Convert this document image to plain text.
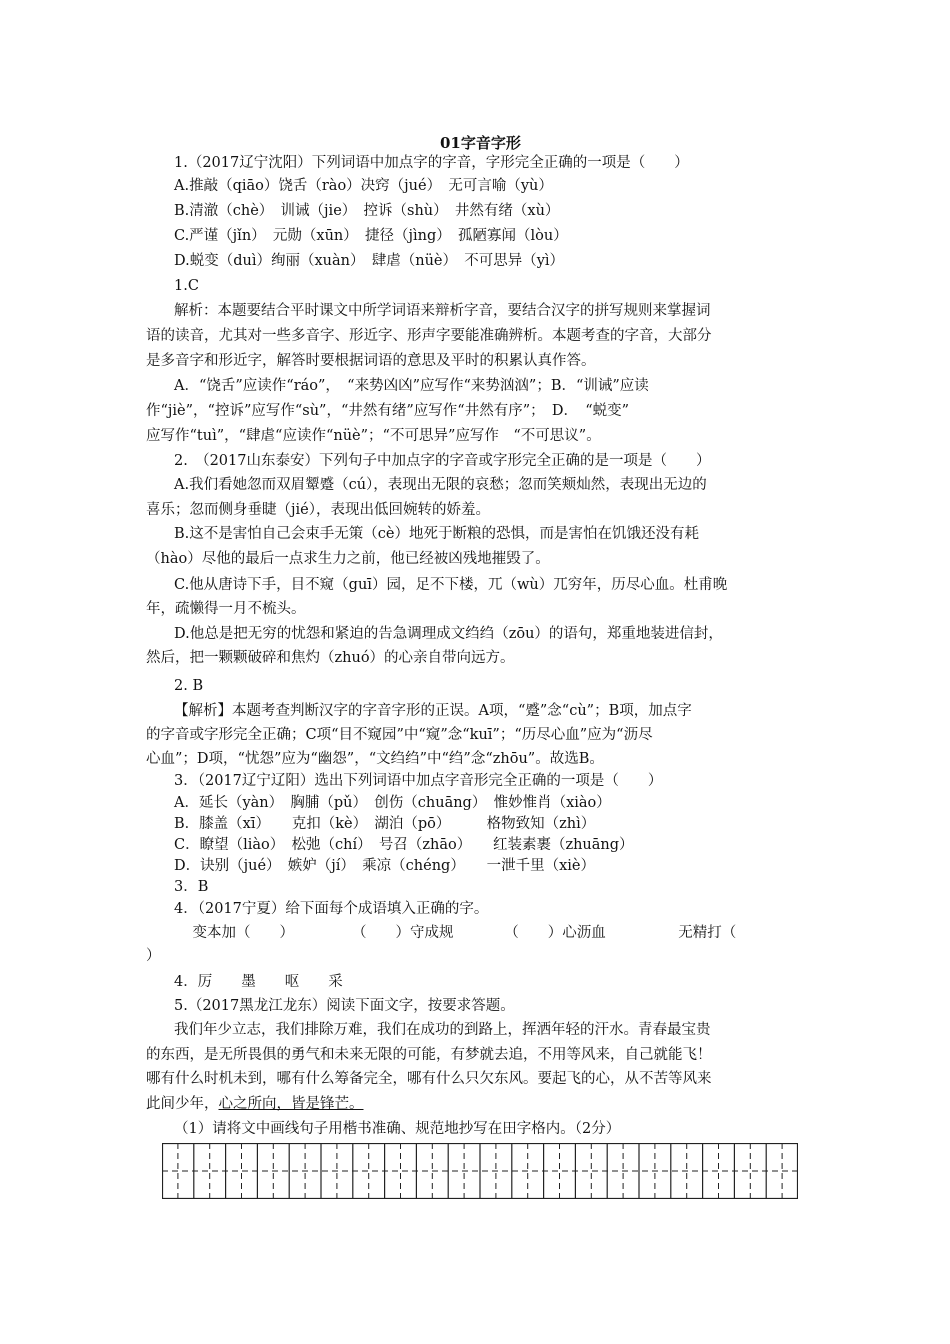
01字音字形
1.（2017辽宁沈阳）下列词语中加点字的字音，字形完全正确的一项是（　　）
A.推敲（qiāo）饶舌（rào）决窍（jué）　无可言喻（yù）
B.清澈（chè）　训诫（jie）　控诉（shù）　井然有绪（xù）
C.严谨（jǐn）　元勋（xūn）　捷径（jìng）　孤陋寡闻（lòu）
D.蜕变（duì）绚丽（xuàn）　肆虐（nüè）　不可思异（yì）
1.C
解析：本题要结合平时课文中所学词语来辩析字音，要结合汉字的拼写规则来掌握词
语的读音，尤其对一些多音字、形近字、形声字要能准确辨析。本题考查的字音，大部分
是多音字和形近字，解答时要根据词语的意思及平时的积累认真作答。
A．“饶舌”应读作“ráo”，　“来势凶凶”应写作“来势汹汹”；B．“训诫”应读
作“jiè”，“控诉”应写作“sù”，“井然有绪”应写作“井然有序”；　D．　“蜕变”
应写作“tuì”，“肆虐“应读作“nüè”；“不可思异”应写作　“不可思议”。
2.　（2017山东泰安）下列句子中加点字的字音或字形完全正确的是一项是（　　）
A.我们看她忽而双眉颦蹙（cú），表现出无限的哀愁；忽而笑颊灿然，表现出无边的
喜乐；忽而侧身垂睫（jié），表现出低回婉转的娇羞。
B.这不是害怕自己会束手无策（cè）地死于断粮的恐惧，而是害怕在饥饿还没有耗
（hào）尽他的最后一点求生力之前，他已经被凶残地摧毁了。
C.他从唐诗下手，目不窥（guī）园，足不下楼，兀（wù）兀穷年，历尽心血。杜甫晚
年，疏懒得一月不梳头。
D.他总是把无穷的忧怨和紧迫的告急调理成文绉绉（zōu）的语句，郑重地装进信封，
然后，把一颗颗破碎和焦灼（zhuó）的心亲自带向远方。
2. B
【解析】本题考查判断汉字的字音字形的正误。A项，“蹙”念“cù”；B项，加点字
的字音或字形完全正确；C项“目不窥园”中“窥”念“kuī”；“历尽心血”应为“沥尽
心血”；D项，“忧怨”应为“幽怨”，“文绉绉”中“绉”念“zhōu”。故选B。
3．（2017辽宁辽阳）选出下列词语中加点字音形完全正确的一项是（　　）
A．延长（yàn）　胸脯（pǔ）　创伤（chuāng）　惟妙惟肖（xiào）
B．膝盖（xī）　　克扣（kè）　湖泊（pō）　　　格物致知（zhì）
C．瞭望（liào）　松弛（chí）　号召（zhāo）　　红装素裹（zhuāng）
D．诀别（jué）　嫉妒（jí）　乘凉（chéng）　　一泄千里（xiè）
3．B
4．（2017宁夏）给下面每个成语填入正确的字。
　变本加（　　）　　　　　（　　）守成规　　　　（　　）心沥血　　　　　无精打（
）
4．厉　　墨　　呕　　采
5.（2017黑龙江龙东）阅读下面文字，按要求答题。
我们年少立志，我们排除万难，我们在成功的到路上，挥洒年轻的汗水。青春最宝贵
的东西，是无所畏俱的勇气和未来无限的可能，有梦就去追，不用等风来，自己就能飞！
哪有什么时机未到，哪有什么筹备完全，哪有什么只欠东风。要起飞的心，从不苦等风来
此间少年，心之所向，皆是锋芒。
（1）请将文中画线句子用楷书准确、规范地抄写在田字格内。（2分）
